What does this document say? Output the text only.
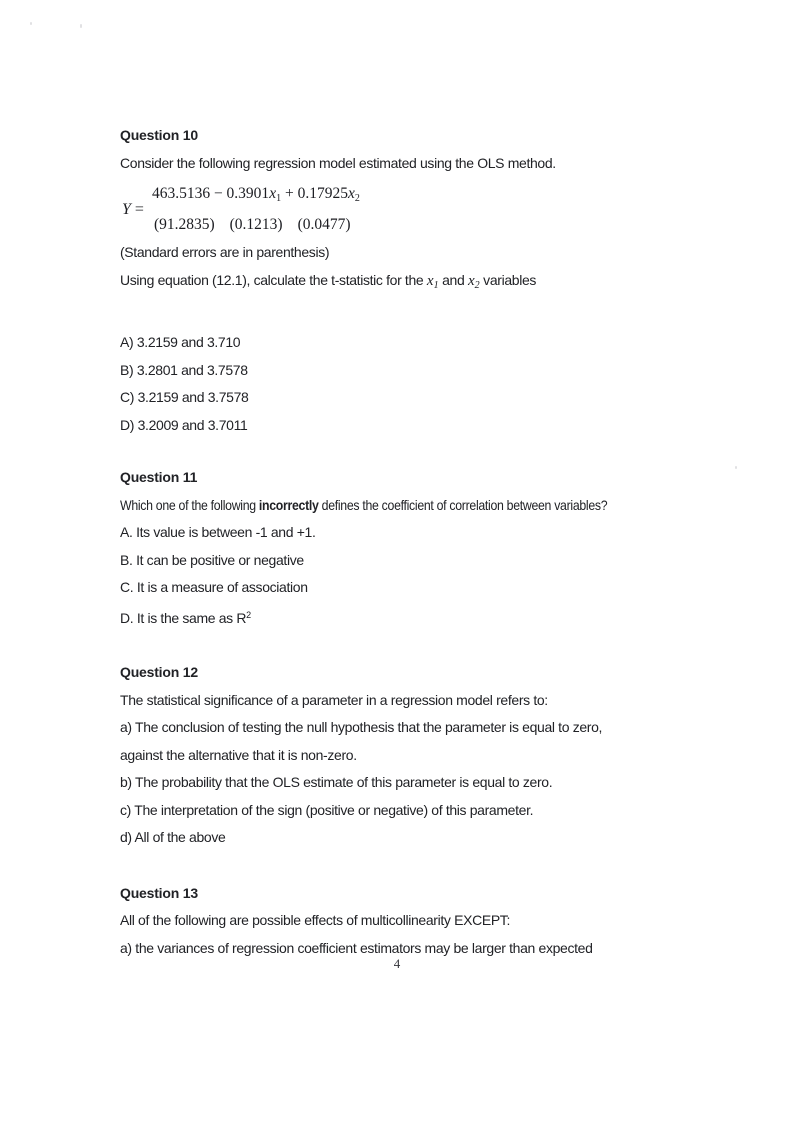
Question 10

Consider the following regression model estimated using the OLS method.

Y =
$463.5136 - 0.3901x_1 + 0.17925x_2$
(91.2835) (0.1213) (0.0477)

(Standard errors are in parenthesis)

Using equation (12.1), calculate the t-statistic for the $x_1$ and $x_2$ variables

A) 3.2159 and 3.710

B) 3.2801 and 3.7578

C) 3.2159 and 3.7578

D) 3.2009 and 3.7011

Question 11

Which one of the following incorrectly defines the coefficient of correlation between variables?

A. Its value is between -1 and +1.

B. It can be positive or negative

C. It is a measure of association

D. It is the same as $R^2$

Question 12

The statistical significance of a parameter in a regression model refers to:

a) The conclusion of testing the null hypothesis that the parameter is equal to zero,

against the alternative that it is non-zero.

b) The probability that the OLS estimate of this parameter is equal to zero.

c) The interpretation of the sign (positive or negative) of this parameter.

d) All of the above

Question 13

All of the following are possible effects of multicollinearity EXCEPT:

a) the variances of regression coefficient estimators may be larger than expected

4
